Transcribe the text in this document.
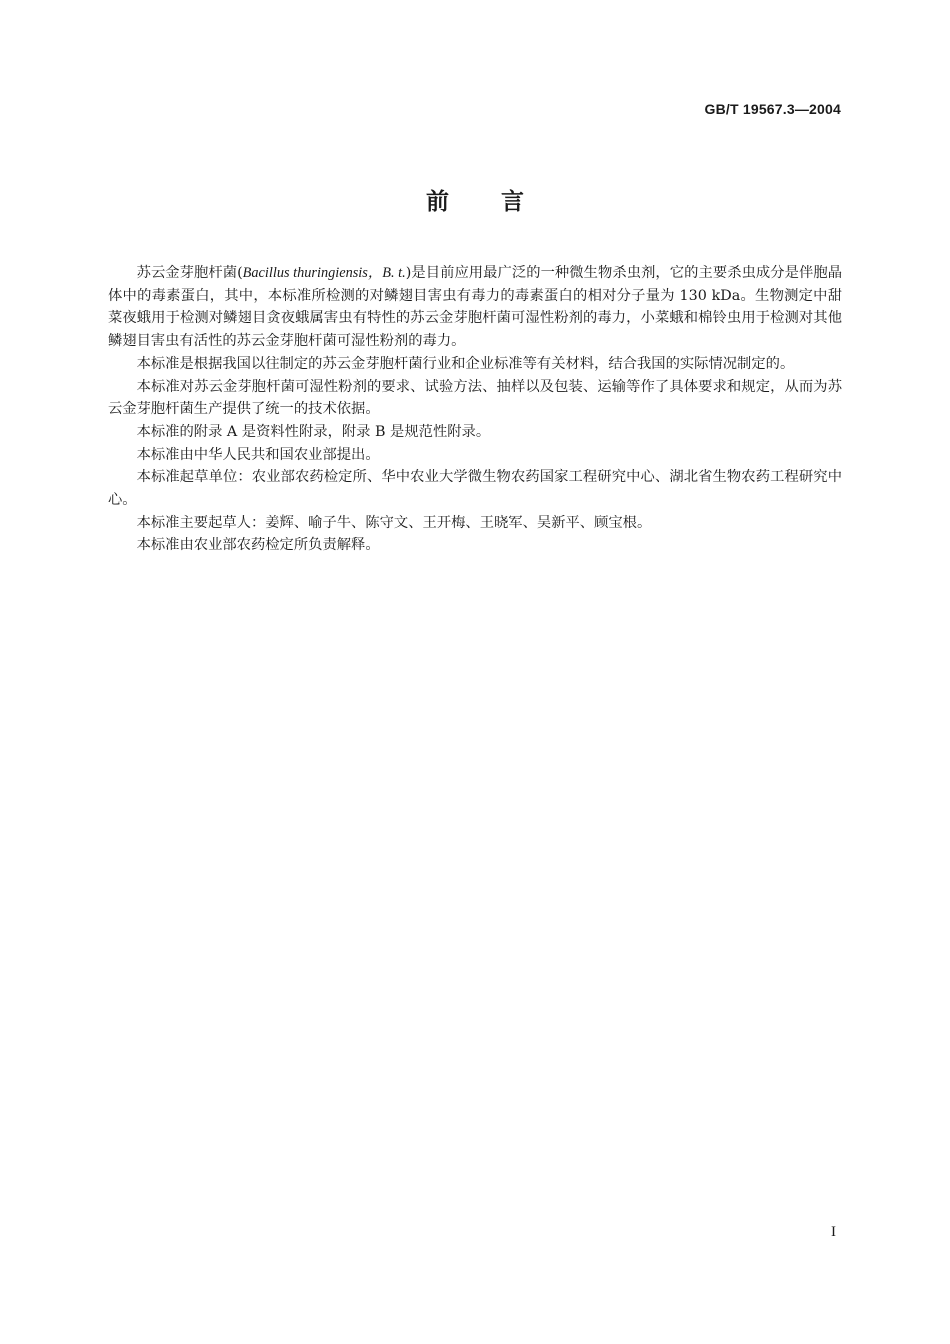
GB/T 19567.3—2004
前言

苏云金芽胞杆菌(Bacillus thuringiensis，B. t.)是目前应用最广泛的一种微生物杀虫剂，它的主要杀虫成分是伴胞晶体中的毒素蛋白，其中，本标准所检测的对鳞翅目害虫有毒力的毒素蛋白的相对分子量为 130 kDa。生物测定中甜菜夜蛾用于检测对鳞翅目贪夜蛾属害虫有特性的苏云金芽胞杆菌可湿性粉剂的毒力，小菜蛾和棉铃虫用于检测对其他鳞翅目害虫有活性的苏云金芽胞杆菌可湿性粉剂的毒力。

本标准是根据我国以往制定的苏云金芽胞杆菌行业和企业标准等有关材料，结合我国的实际情况制定的。

本标准对苏云金芽胞杆菌可湿性粉剂的要求、试验方法、抽样以及包装、运输等作了具体要求和规定，从而为苏云金芽胞杆菌生产提供了统一的技术依据。

本标准的附录 A 是资料性附录，附录 B 是规范性附录。

本标准由中华人民共和国农业部提出。

本标准起草单位：农业部农药检定所、华中农业大学微生物农药国家工程研究中心、湖北省生物农药工程研究中心。

本标准主要起草人：姜辉、喻子牛、陈守文、王开梅、王晓军、吴新平、顾宝根。

本标准由农业部农药检定所负责解释。

I
